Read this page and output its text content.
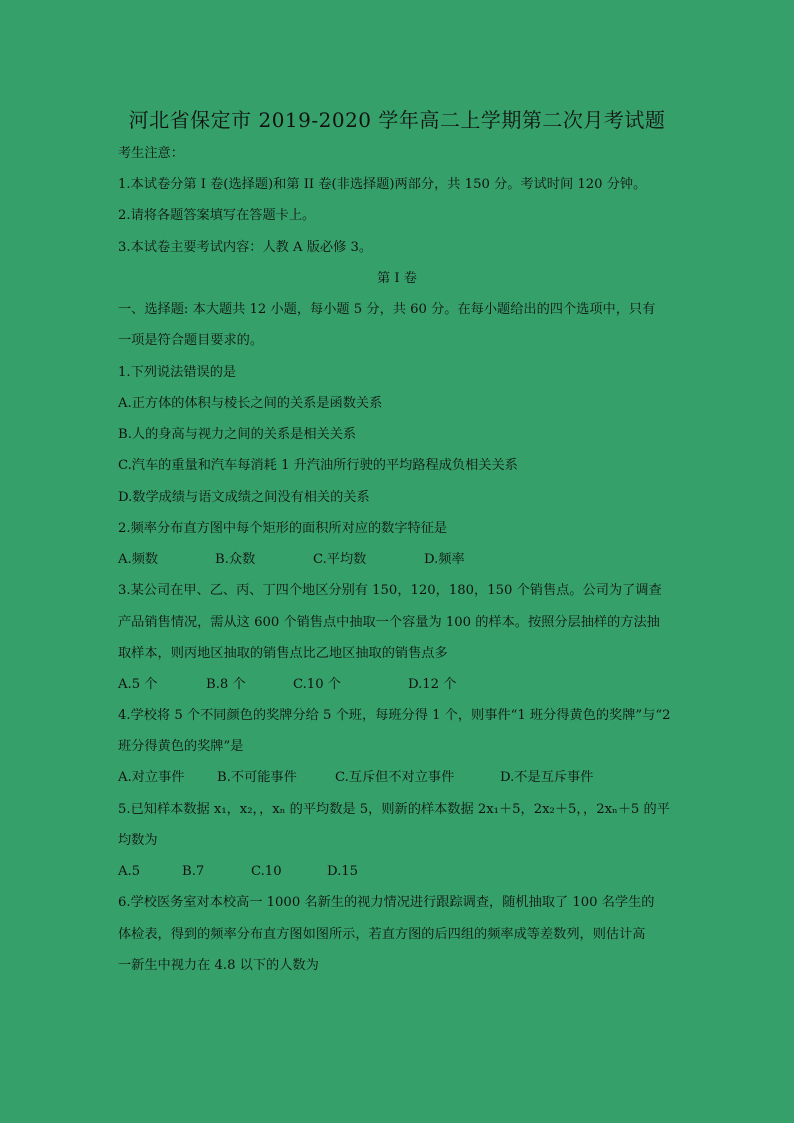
河北省保定市 2019-2020 学年高二上学期第二次月考试题
考生注意：
1.本试卷分第 I 卷(选择题)和第 II 卷(非选择题)两部分，共 150 分。考试时间 120 分钟。
2.请将各题答案填写在答题卡上。
3.本试卷主要考试内容：人教 A 版必修 3。
第 I 卷
一、选择题: 本大题共 12 小题，每小题 5 分，共 60 分。在每小题给出的四个选项中，只有
一项是符合题目要求的。
1.下列说法错误的是
A.正方体的体积与棱长之间的关系是函数关系
B.人的身高与视力之间的关系是相关关系
C.汽车的重量和汽车每消耗 1 升汽油所行驶的平均路程成负相关关系
D.数学成绩与语文成绩之间没有相关的关系
2.频率分布直方图中每个矩形的面积所对应的数字特征是
A.频数	B.众数	C.平均数	D.频率
3.某公司在甲、乙、丙、丁四个地区分别有 150，120，180，150 个销售点。公司为了调查
产品销售情况，需从这 600 个销售点中抽取一个容量为 100 的样本。按照分层抽样的方法抽
取样本，则丙地区抽取的销售点比乙地区抽取的销售点多
A.5 个	B.8 个	C.10 个	D.12 个
4.学校将 5 个不同颜色的奖牌分给 5 个班，每班分得 1 个，则事件“1 班分得黄色的奖牌”与“2
班分得黄色的奖牌”是
A.对立事件 B.不可能事件	C.互斥但不对立事件	D.不是互斥事件
5.已知样本数据 x₁，x₂，，xₙ 的平均数是 5，则新的样本数据 2x₁＋5，2x₂＋5，，2xₙ＋5 的平
均数为
A.5	B.7	C.10	D.15
6.学校医务室对本校高一 1000 名新生的视力情况进行跟踪调查，随机抽取了 100 名学生的
体检表，得到的频率分布直方图如图所示，若直方图的后四组的频率成等差数列，则估计高
一新生中视力在 4.8 以下的人数为
